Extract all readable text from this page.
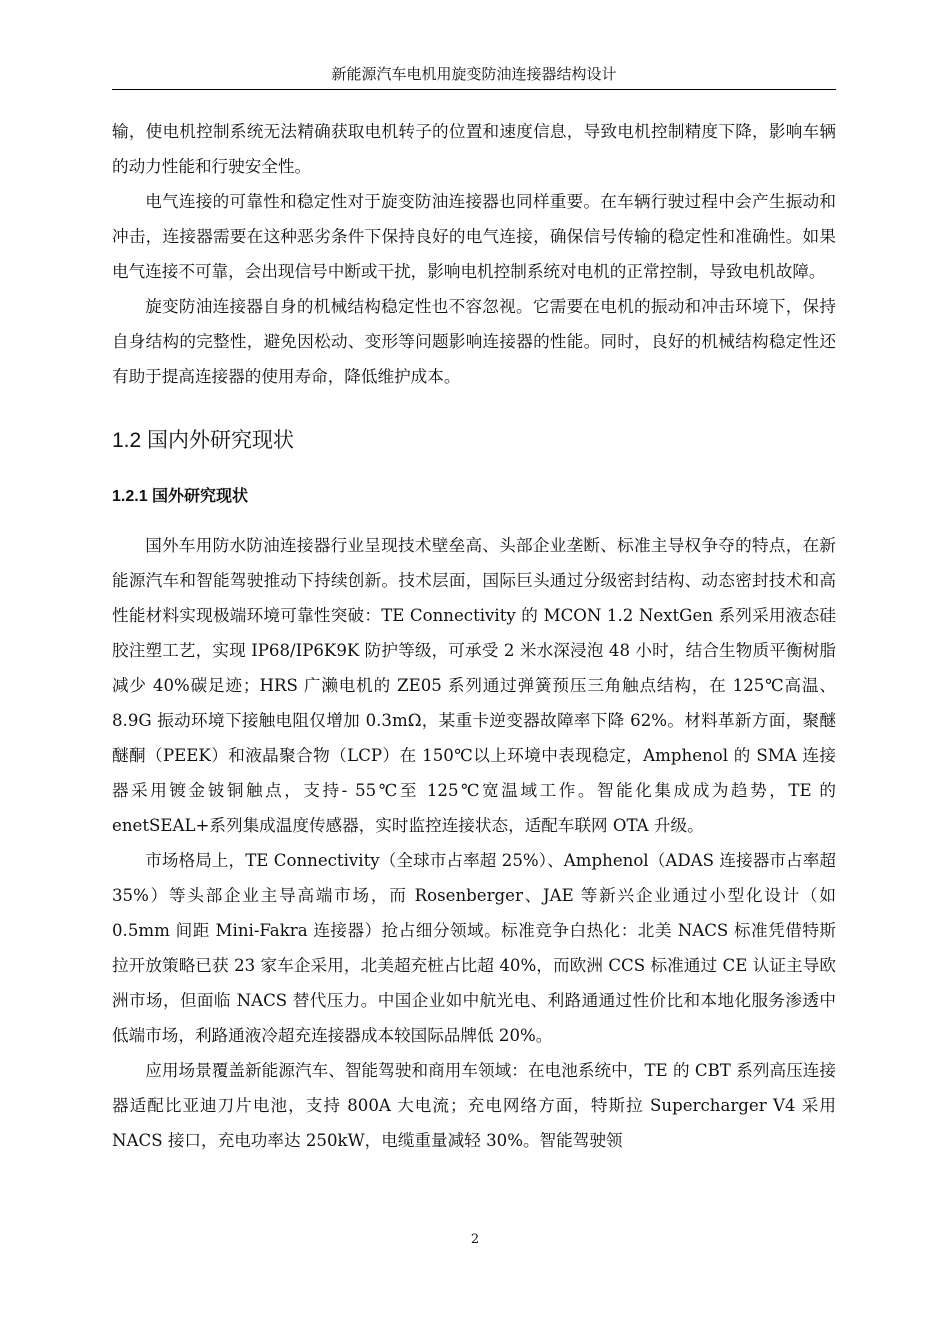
新能源汽车电机用旋变防油连接器结构设计

输，使电机控制系统无法精确获取电机转子的位置和速度信息，导致电机控制精度下降，影响车辆的动力性能和行驶安全性。

电气连接的可靠性和稳定性对于旋变防油连接器也同样重要。在车辆行驶过程中会产生振动和冲击，连接器需要在这种恶劣条件下保持良好的电气连接，确保信号传输的稳定性和准确性。如果电气连接不可靠，会出现信号中断或干扰，影响电机控制系统对电机的正常控制，导致电机故障。

旋变防油连接器自身的机械结构稳定性也不容忽视。它需要在电机的振动和冲击环境下，保持自身结构的完整性，避免因松动、变形等问题影响连接器的性能。同时，良好的机械结构稳定性还有助于提高连接器的使用寿命，降低维护成本。

1.2 国内外研究现状
1.2.1 国外研究现状

国外车用防水防油连接器行业呈现技术壁垒高、头部企业垄断、标准主导权争夺的特点，在新能源汽车和智能驾驶推动下持续创新。技术层面，国际巨头通过分级密封结构、动态密封技术和高性能材料实现极端环境可靠性突破：TE Connectivity 的 MCON 1.2 NextGen 系列采用液态硅胶注塑工艺，实现 IP68/IP6K9K 防护等级，可承受 2 米水深浸泡 48 小时，结合生物质平衡树脂减少 40%碳足迹；HRS 广濑电机的 ZE05 系列通过弹簧预压三角触点结构，在 125℃高温、8.9G 振动环境下接触电阻仅增加 0.3mΩ，某重卡逆变器故障率下降 62%。材料革新方面，聚醚醚酮（PEEK）和液晶聚合物（LCP）在 150℃以上环境中表现稳定，Amphenol 的 SMA 连接器采用镀金铍铜触点，支持- 55℃至 125℃宽温域工作。智能化集成成为趋势，TE 的 enetSEAL+系列集成温度传感器，实时监控连接状态，适配车联网 OTA 升级。

市场格局上，TE Connectivity（全球市占率超 25%）、Amphenol（ADAS 连接器市占率超 35%）等头部企业主导高端市场，而 Rosenberger、JAE 等新兴企业通过小型化设计（如 0.5mm 间距 Mini-Fakra 连接器）抢占细分领域。标准竞争白热化：北美 NACS 标准凭借特斯拉开放策略已获 23 家车企采用，北美超充桩占比超 40%，而欧洲 CCS 标准通过 CE 认证主导欧洲市场，但面临 NACS 替代压力。中国企业如中航光电、利路通通过性价比和本地化服务渗透中低端市场，利路通液冷超充连接器成本较国际品牌低 20%。

应用场景覆盖新能源汽车、智能驾驶和商用车领域：在电池系统中，TE 的 CBT 系列高压连接器适配比亚迪刀片电池，支持 800A 大电流；充电网络方面，特斯拉 Supercharger V4 采用 NACS 接口，充电功率达 250kW，电缆重量减轻 30%。智能驾驶领

2
